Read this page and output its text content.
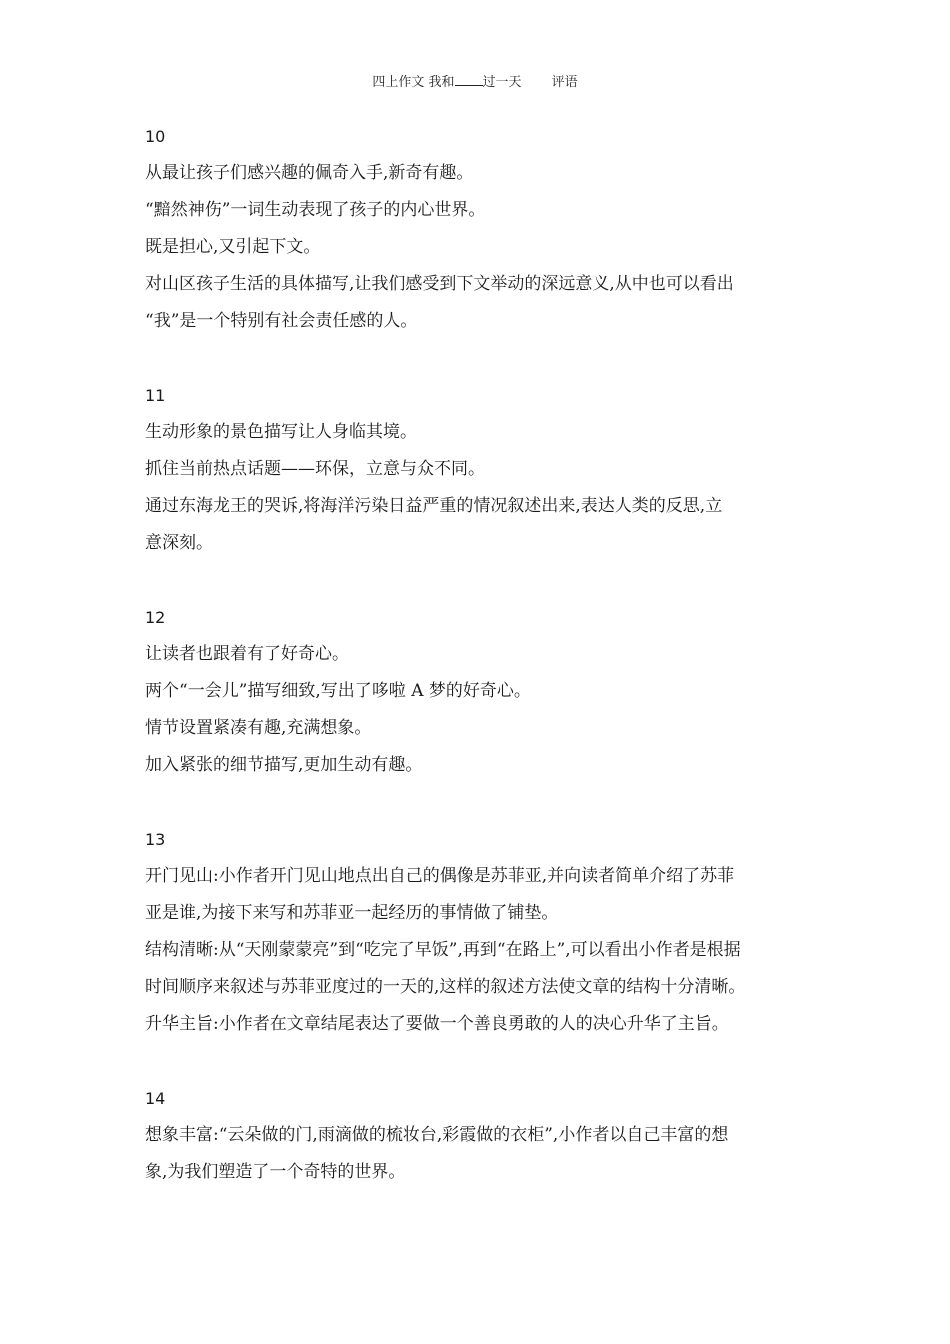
四上作文 我和 过一天 评语

10

从最让孩子们感兴趣的佩奇入手,新奇有趣。

“黯然神伤”一词生动表现了孩子的内心世界。

既是担心,又引起下文。

对山区孩子生活的具体描写,让我们感受到下文举动的深远意义,从中也可以看出

“我”是一个特别有社会责任感的人。

11

生动形象的景色描写让人身临其境。

抓住当前热点话题——环保，立意与众不同。

通过东海龙王的哭诉,将海洋污染日益严重的情况叙述出来,表达人类的反思,立

意深刻。

12

让读者也跟着有了好奇心。

两个“一会儿”描写细致,写出了哆啦 A 梦的好奇心。

情节设置紧凑有趣,充满想象。

加入紧张的细节描写,更加生动有趣。

13

开门见山:小作者开门见山地点出自己的偶像是苏菲亚,并向读者简单介绍了苏菲

亚是谁,为接下来写和苏菲亚一起经历的事情做了铺垫。

结构清晰:从“天刚蒙蒙亮”到“吃完了早饭”,再到“在路上”,可以看出小作者是根据

时间顺序来叙述与苏菲亚度过的一天的,这样的叙述方法使文章的结构十分清晰。

升华主旨:小作者在文章结尾表达了要做一个善良勇敢的人的决心升华了主旨。

14

想象丰富:“云朵做的门,雨滴做的梳妆台,彩霞做的衣柜”,小作者以自己丰富的想

象,为我们塑造了一个奇特的世界。
